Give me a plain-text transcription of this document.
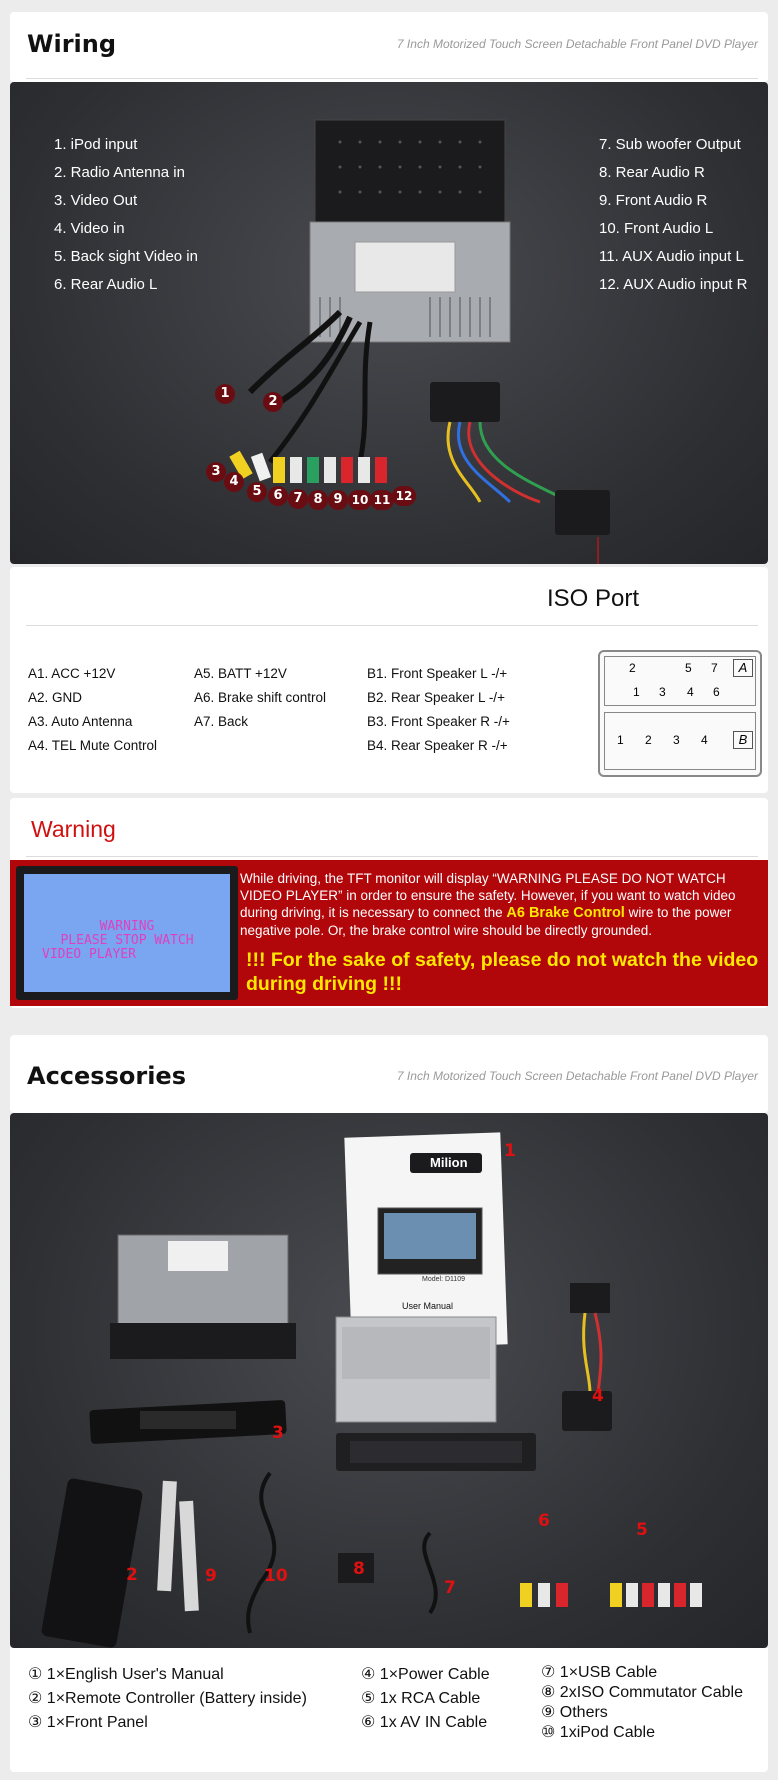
Wiring	7 Inch Motorized Touch Screen Detachable Front Panel DVD Player
1. iPod input
2. Radio Antenna in
3. Video Out
4. Video in
5. Back sight Video in
6. Rear Audio L
7. Sub woofer Output
8. Rear Audio R
9. Front Audio R
10. Front Audio L
11. AUX Audio input L
12. AUX Audio input R
1
2
3
4
5 6 7 8 9 10 11 12
ISO Port
A1. ACC +12V
A2. GND
A3. Auto Antenna
A4. TEL Mute Control
A5. BATT +12V
A6. Brake shift control
A7. Back
B1. Front Speaker L -/+
B2. Rear Speaker L -/+
B3. Front Speaker R -/+
B4. Rear Speaker R -/+
2	5 7
1 3 4 6
A
1 2 3 4	B
Warning
WARNING
PLEASE STOP WATCH
VIDEO PLAYER
While driving, the TFT monitor will display “WARNING PLEASE DO NOT WATCH VIDEO PLAYER” in order to ensure the safety. However, if you want to watch video during driving, it is necessary to connect the A6 Brake Control wire to the power negative pole. Or, the brake control wire should be directly grounded.
!!! For the sake of safety, please do not watch the video during driving !!!
Accessories	7 Inch Motorized Touch Screen Detachable Front Panel DVD Player
Milion
Model: D1109
User Manual
1
2
3
4
5
6
7
8
9	10
① 1×English User's Manual
② 1×Remote Controller (Battery inside)
③ 1×Front Panel
④ 1×Power Cable
⑤ 1x RCA Cable
⑥ 1x AV IN Cable
⑦ 1×USB Cable
⑧ 2xISO Commutator Cable
⑨ Others
⑩ 1xiPod Cable
